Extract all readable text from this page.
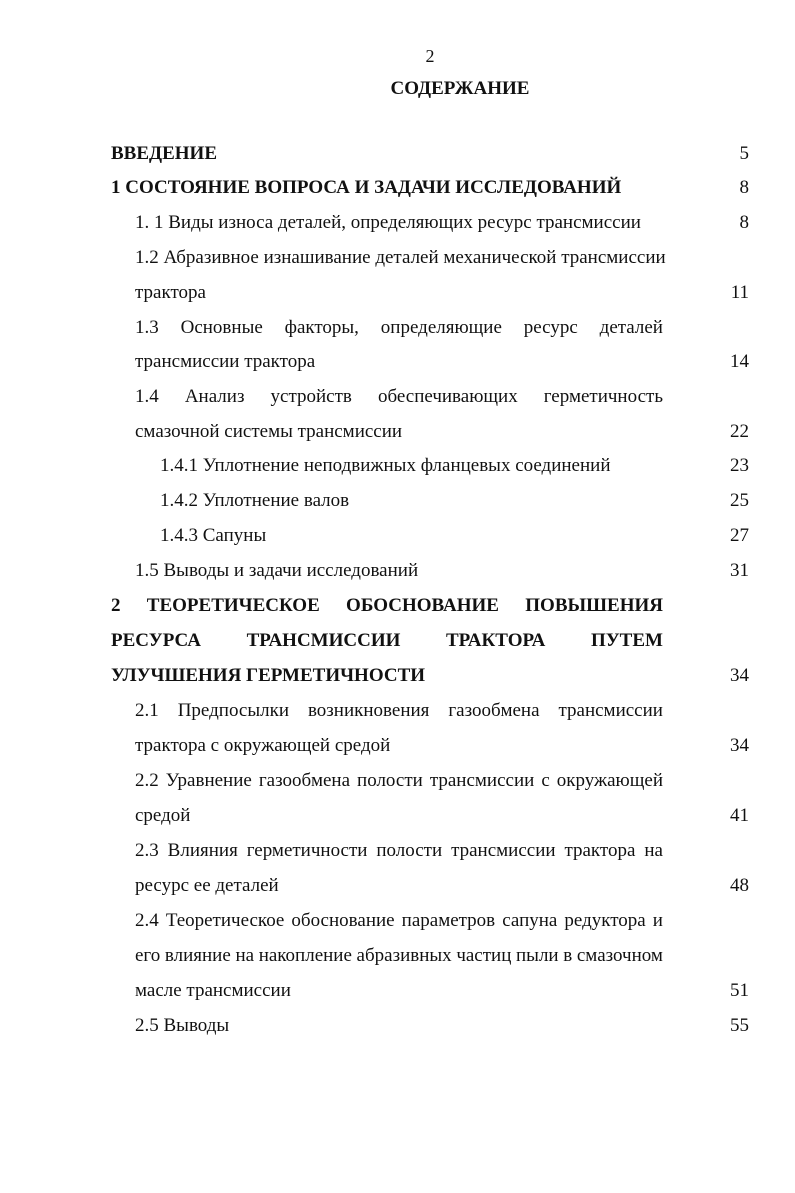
2
СОДЕРЖАНИЕ
ВВЕДЕНИЕ	5
1 СОСТОЯНИЕ ВОПРОСА И ЗАДАЧИ ИССЛЕДОВАНИЙ	8
1. 1 Виды износа деталей, определяющих ресурс трансмиссии	8
1.2 Абразивное изнашивание деталей механической трансмиссии
трактора	11
1.3 Основные факторы, определяющие ресурс деталей
трансмиссии трактора	14
1.4 Анализ устройств обеспечивающих герметичность
смазочной системы трансмиссии	22
1.4.1 Уплотнение неподвижных фланцевых соединений	23
1.4.2 Уплотнение валов	25
1.4.3 Сапуны	27
1.5 Выводы и задачи исследований	31
2 ТЕОРЕТИЧЕСКОЕ ОБОСНОВАНИЕ ПОВЫШЕНИЯ
РЕСУРСА ТРАНСМИССИИ ТРАКТОРА ПУТЕМ
УЛУЧШЕНИЯ ГЕРМЕТИЧНОСТИ	34
2.1 Предпосылки возникновения газообмена трансмиссии
трактора с окружающей средой	34
2.2 Уравнение газообмена полости трансмиссии с окружающей
средой	41
2.3 Влияния герметичности полости трансмиссии трактора на
ресурс ее деталей	48
2.4 Теоретическое обоснование параметров сапуна редуктора и
его влияние на накопление абразивных частиц пыли в смазочном
масле трансмиссии	51
2.5 Выводы	55
